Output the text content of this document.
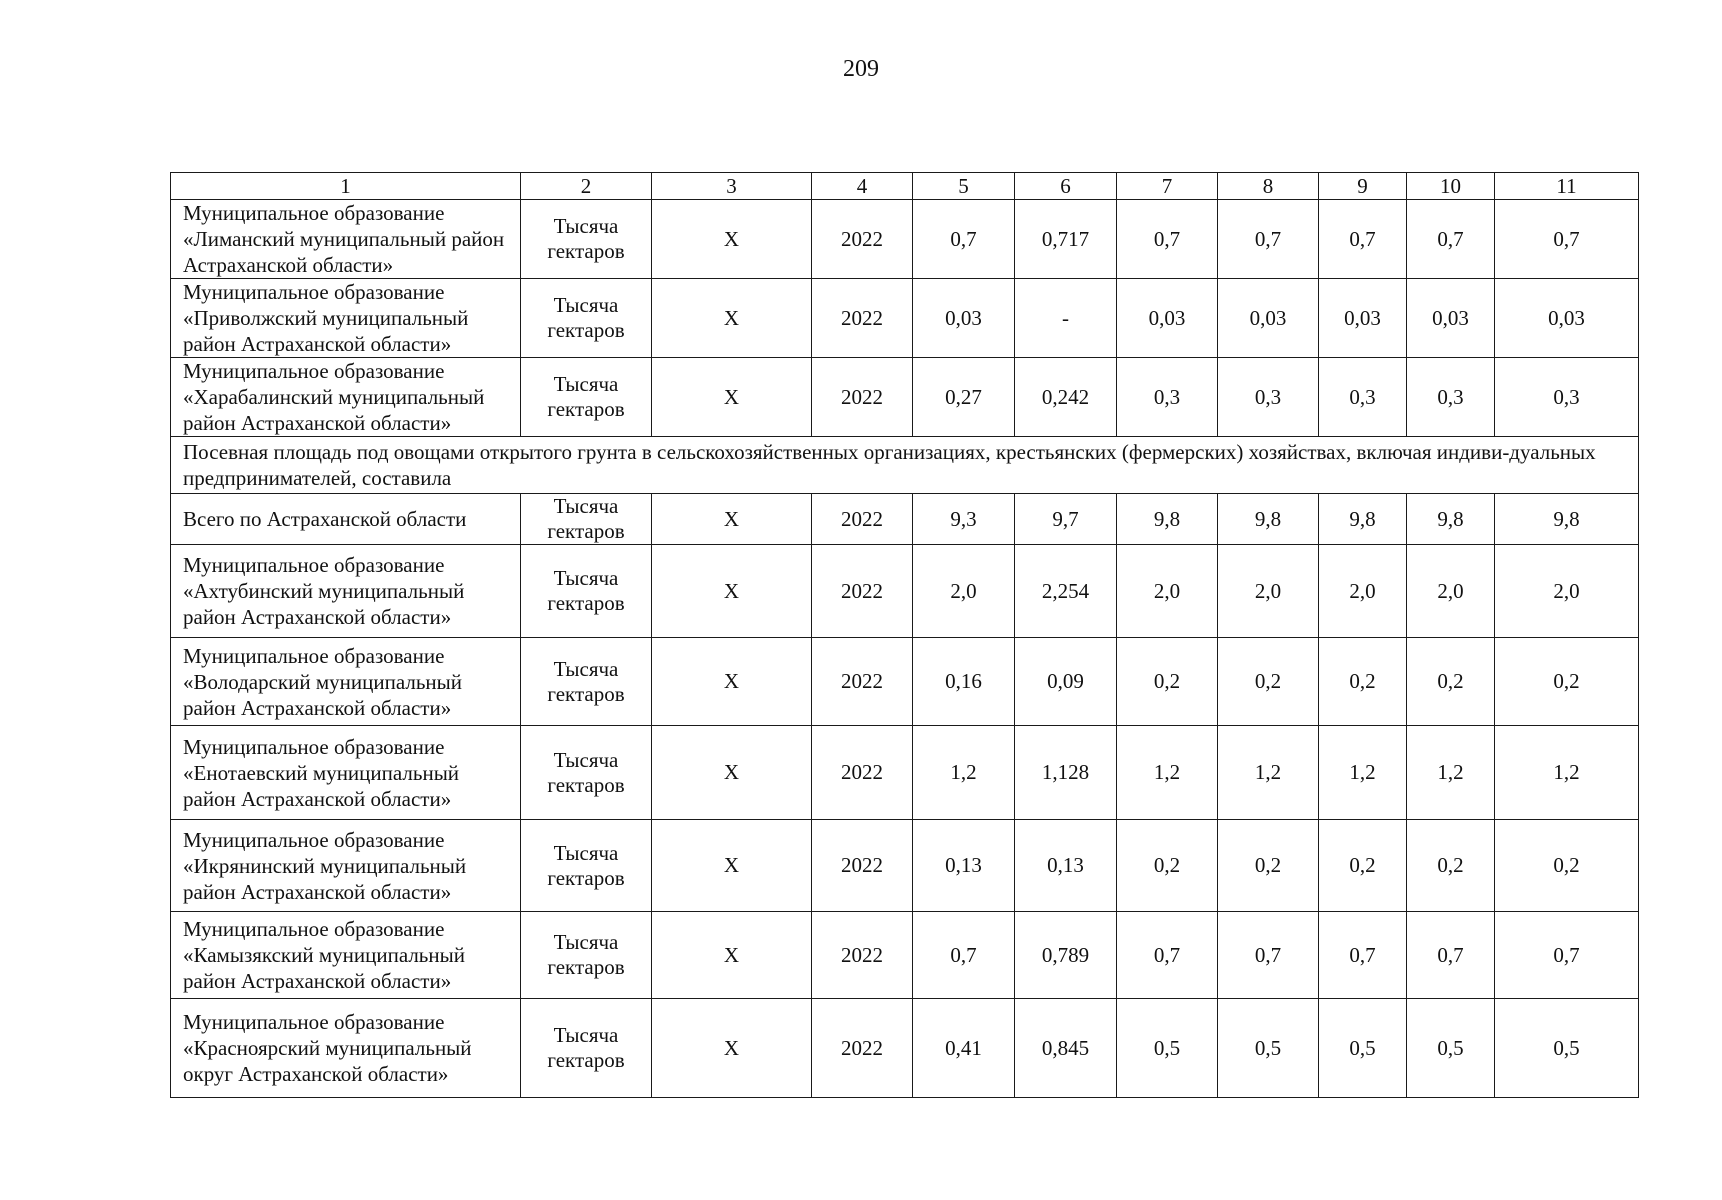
209
1	2	3	4	5	6	7	8	9	10	11
Муниципальное образование «Лиманский муниципальный район Астраханской области»	Тысяча гектаров	Х	2022	0,7	0,717	0,7	0,7	0,7	0,7	0,7
Муниципальное образование «Приволжский муниципальный район Астраханской области»	Тысяча гектаров	Х	2022	0,03	-	0,03	0,03	0,03	0,03	0,03
Муниципальное образование «Харабалинский муниципальный район Астраханской области»	Тысяча гектаров	Х	2022	0,27	0,242	0,3	0,3	0,3	0,3	0,3
Посевная площадь под овощами открытого грунта в сельскохозяйственных организациях, крестьянских (фермерских) хозяйствах, включая индиви-дуальных предпринимателей, составила										
Всего по Астраханской области	Тысяча гектаров	Х	2022	9,3	9,7	9,8	9,8	9,8	9,8	9,8
Муниципальное образование «Ахтубинский муниципальный район Астраханской области»	Тысяча гектаров	Х	2022	2,0	2,254	2,0	2,0	2,0	2,0	2,0
Муниципальное образование «Володарский муниципальный район Астраханской области»	Тысяча гектаров	Х	2022	0,16	0,09	0,2	0,2	0,2	0,2	0,2
Муниципальное образование «Енотаевский муниципальный район Астраханской области»	Тысяча гектаров	Х	2022	1,2	1,128	1,2	1,2	1,2	1,2	1,2
Муниципальное образование «Икрянинский муниципальный район Астраханской области»	Тысяча гектаров	Х	2022	0,13	0,13	0,2	0,2	0,2	0,2	0,2
Муниципальное образование «Камызякский муниципальный район Астраханской области»	Тысяча гектаров	Х	2022	0,7	0,789	0,7	0,7	0,7	0,7	0,7
Муниципальное образование «Красноярский муниципальный округ Астраханской области»	Тысяча гектаров	Х	2022	0,41	0,845	0,5	0,5	0,5	0,5	0,5
